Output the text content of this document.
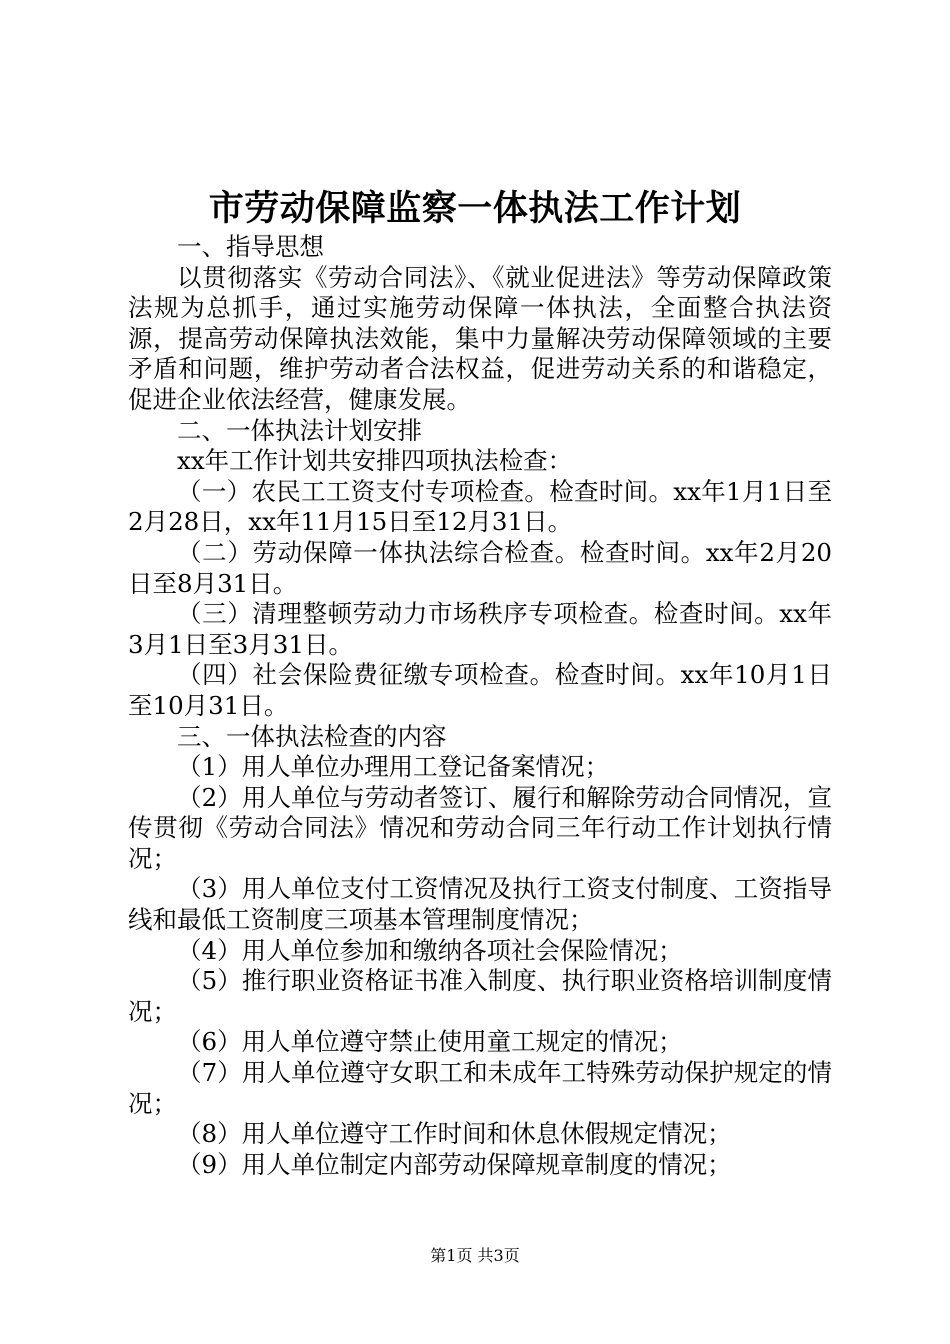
市劳动保障监察一体执法工作计划

一、指导思想

以贯彻落实《劳动合同法》、《就业促进法》等劳动保障政策法规为总抓手，通过实施劳动保障一体执法，全面整合执法资源，提高劳动保障执法效能，集中力量解决劳动保障领域的主要矛盾和问题，维护劳动者合法权益，促进劳动关系的和谐稳定，促进企业依法经营，健康发展。

二、一体执法计划安排

xx年工作计划共安排四项执法检查：

（一）农民工工资支付专项检查。检查时间。xx年1月1日至2月28日，xx年11月15日至12月31日。

（二）劳动保障一体执法综合检查。检查时间。xx年2月20日至8月31日。

（三）清理整顿劳动力市场秩序专项检查。检查时间。xx年3月1日至3月31日。

（四）社会保险费征缴专项检查。检查时间。xx年10月1日至10月31日。

三、一体执法检查的内容

（1）用人单位办理用工登记备案情况；

（2）用人单位与劳动者签订、履行和解除劳动合同情况，宣传贯彻《劳动合同法》情况和劳动合同三年行动工作计划执行情况；

（3）用人单位支付工资情况及执行工资支付制度、工资指导线和最低工资制度三项基本管理制度情况；

（4）用人单位参加和缴纳各项社会保险情况；

（5）推行职业资格证书准入制度、执行职业资格培训制度情况；

（6）用人单位遵守禁止使用童工规定的情况；

（7）用人单位遵守女职工和未成年工特殊劳动保护规定的情况；

（8）用人单位遵守工作时间和休息休假规定情况；

（9）用人单位制定内部劳动保障规章制度的情况；

第1页 共3页
